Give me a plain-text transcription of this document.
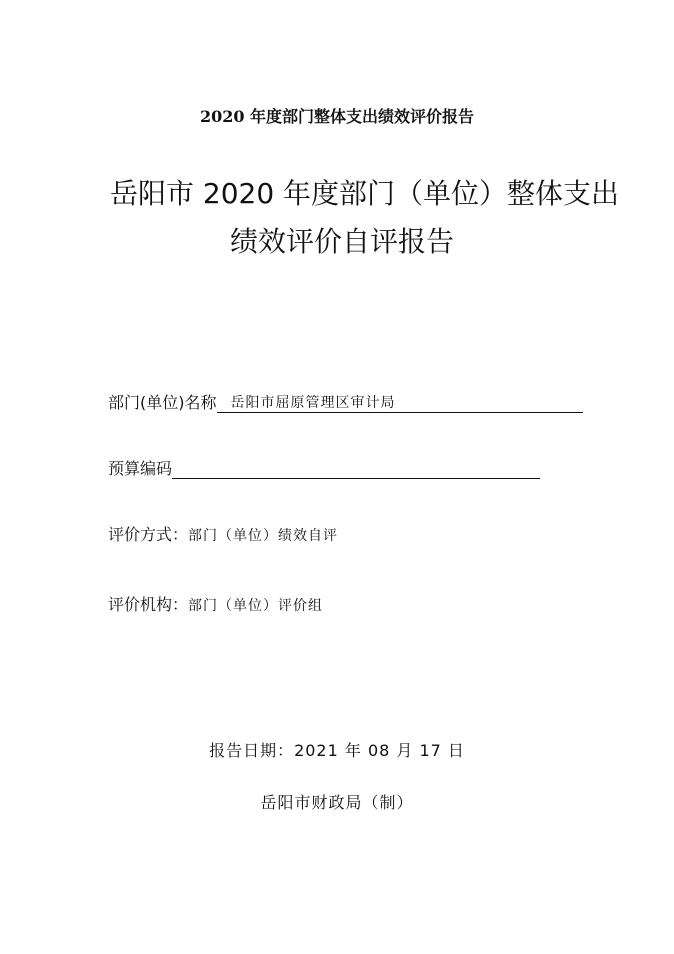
2020 年度部门整体支出绩效评价报告
岳阳市 2020 年度部门（单位）整体支出
绩效评价自评报告
部门(单位)名称 岳阳市屈原管理区审计局
预算编码
评价方式：部门（单位）绩效自评
评价机构：部门（单位）评价组
报告日期：2021 年 08 月 17 日
岳阳市财政局（制）
